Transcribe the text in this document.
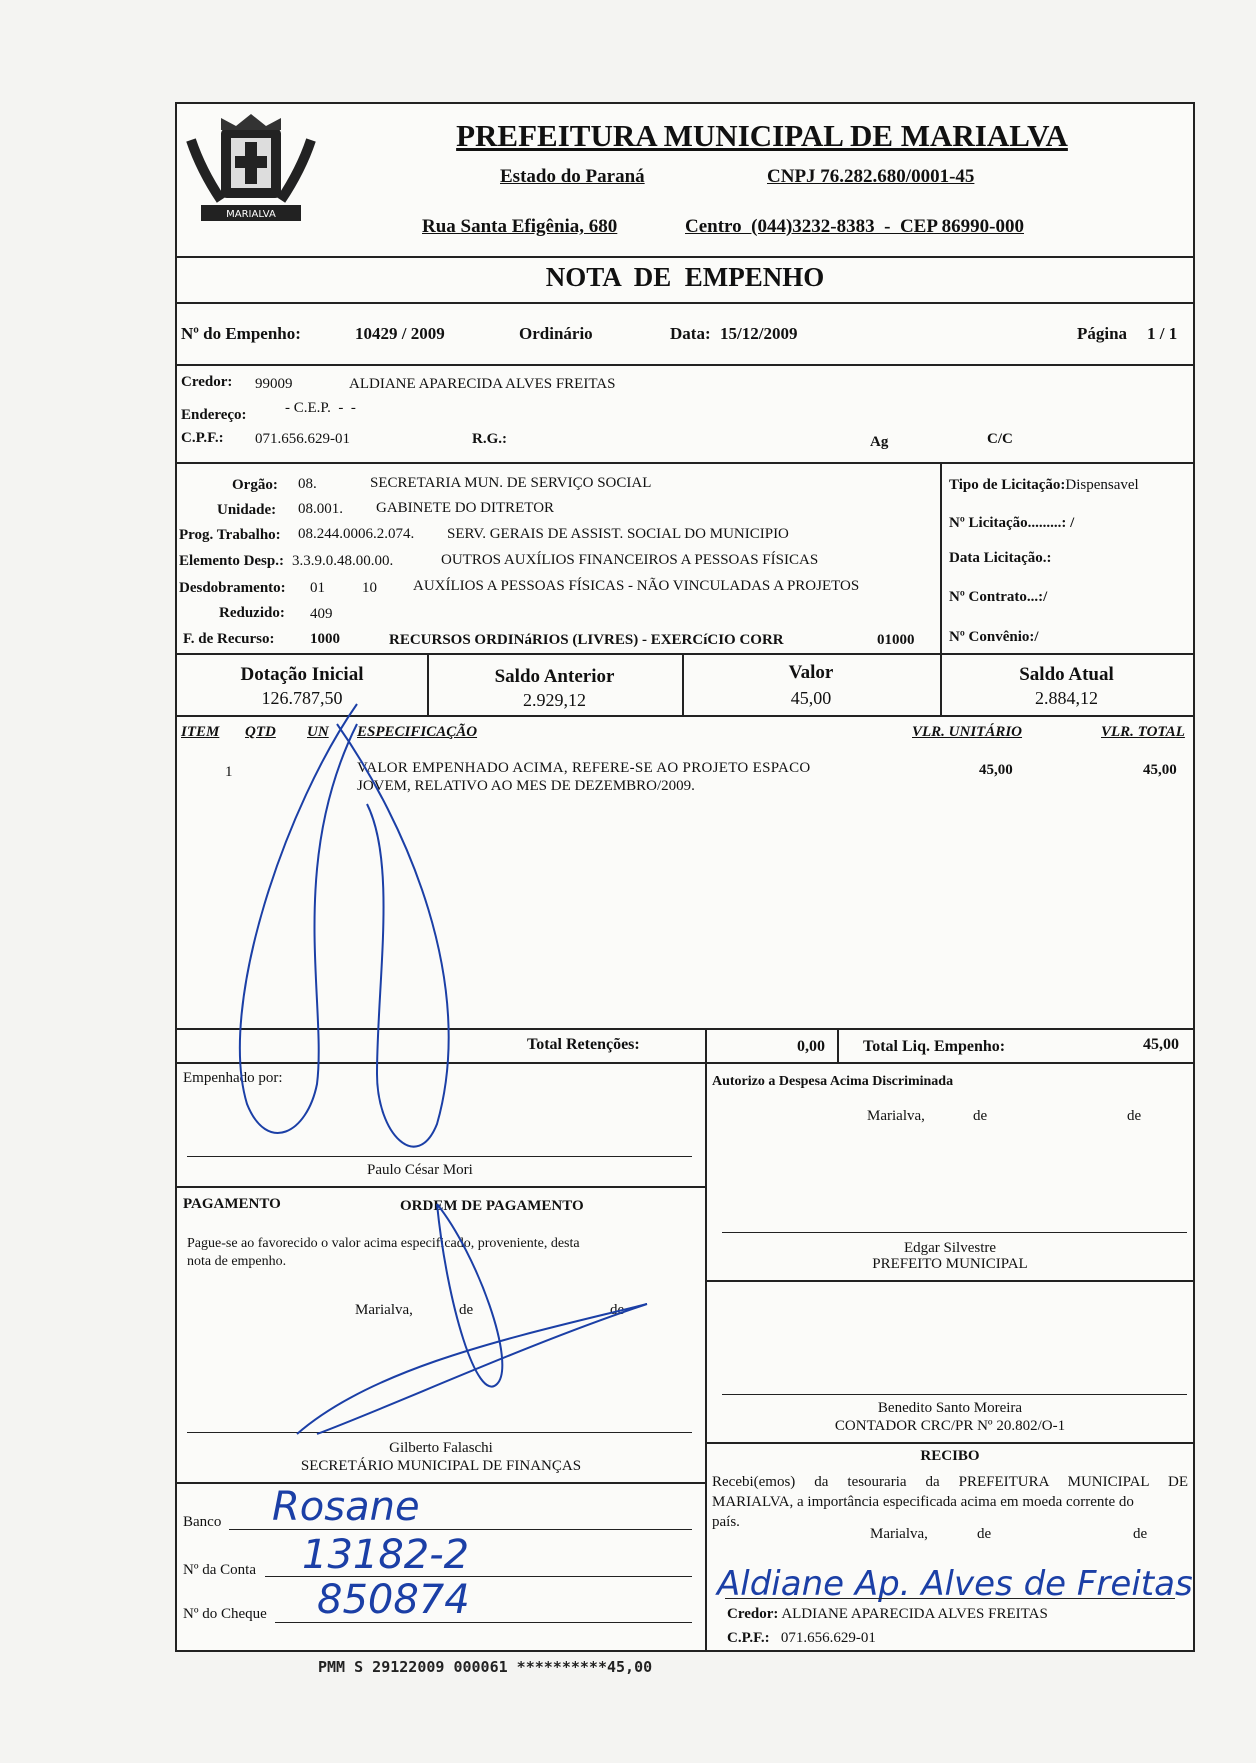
MARIALVA
PREFEITURA MUNICIPAL DE MARIALVA
Estado do Paraná	CNPJ 76.282.680/0001-45
Rua Santa Efigênia, 680	Centro  (044)3232-8383  -  CEP 86990-000
NOTA  DE  EMPENHO
Nº do Empenho:	10429 / 2009	Ordinário	Data: 15/12/2009	Página 1 / 1
Credor: 99009	ALDIANE APARECIDA ALVES FREITAS
Endereço:	- C.E.P.  -  -
C.P.F.: 071.656.629-01	R.G.:	Ag	C/C
Orgão: 08.	SECRETARIA MUN. DE SERVIÇO SOCIAL
Unidade: 08.001. GABINETE DO DITRETOR
Prog. Trabalho: 08.244.0006.2.074. SERV. GERAIS DE ASSIST. SOCIAL DO MUNICIPIO
Elemento Desp.: 3.3.9.0.48.00.00.	OUTROS AUXÍLIOS FINANCEIROS A PESSOAS FÍSICAS
Desdobramento: 01 10 AUXÍLIOS A PESSOAS FÍSICAS - NÃO VINCULADAS A PROJETOS
Reduzido: 409
F. de Recurso: 1000	RECURSOS ORDINáRIOS (LIVRES) - EXERCíCIO CORR	01000
Tipo de Licitação:Dispensavel
Nº Licitação.........: /
Data Licitação.:
Nº Contrato...:/
Nº Convênio:/
Dotação Inicial
126.787,50
Saldo Anterior
2.929,12
Valor
45,00
Saldo Atual
2.884,12
ITEM QTD UN ESPECIFICAÇÃO	VLR. UNITÁRIO	VLR. TOTAL
1	VALOR EMPENHADO ACIMA, REFERE-SE AO PROJETO ESPACO
JOVEM, RELATIVO AO MES DE DEZEMBRO/2009.
45,00	45,00
Total Retenções:	0,00 Total Liq. Empenho:	45,00
Empenhado por:
Paulo César Mori
PAGAMENTO	ORDEM DE PAGAMENTO
Pague-se ao favorecido o valor acima especificado, proveniente, desta
nota de empenho.
Marialva,	de	de
Gilberto Falaschi
SECRETÁRIO MUNICIPAL DE FINANÇAS
Banco Rosane
Nº da Conta 13182-2
Nº do Cheque 850874
Autorizo a Despesa Acima Discriminada
Marialva,	de	de
Edgar Silvestre
PREFEITO MUNICIPAL
Benedito Santo Moreira
CONTADOR CRC/PR Nº 20.802/O-1
RECIBO
Recebi(emos) da tesouraria da PREFEITURA MUNICIPAL DE
MARIALVA, a importância especificada acima em moeda corrente do
país.
Marialva,	de	de
Aldiane Ap. Alves de Freitas
Credor: ALDIANE APARECIDA ALVES FREITAS
C.P.F.: 071.656.629-01
PMM S 29122009 000061 **********45,00
